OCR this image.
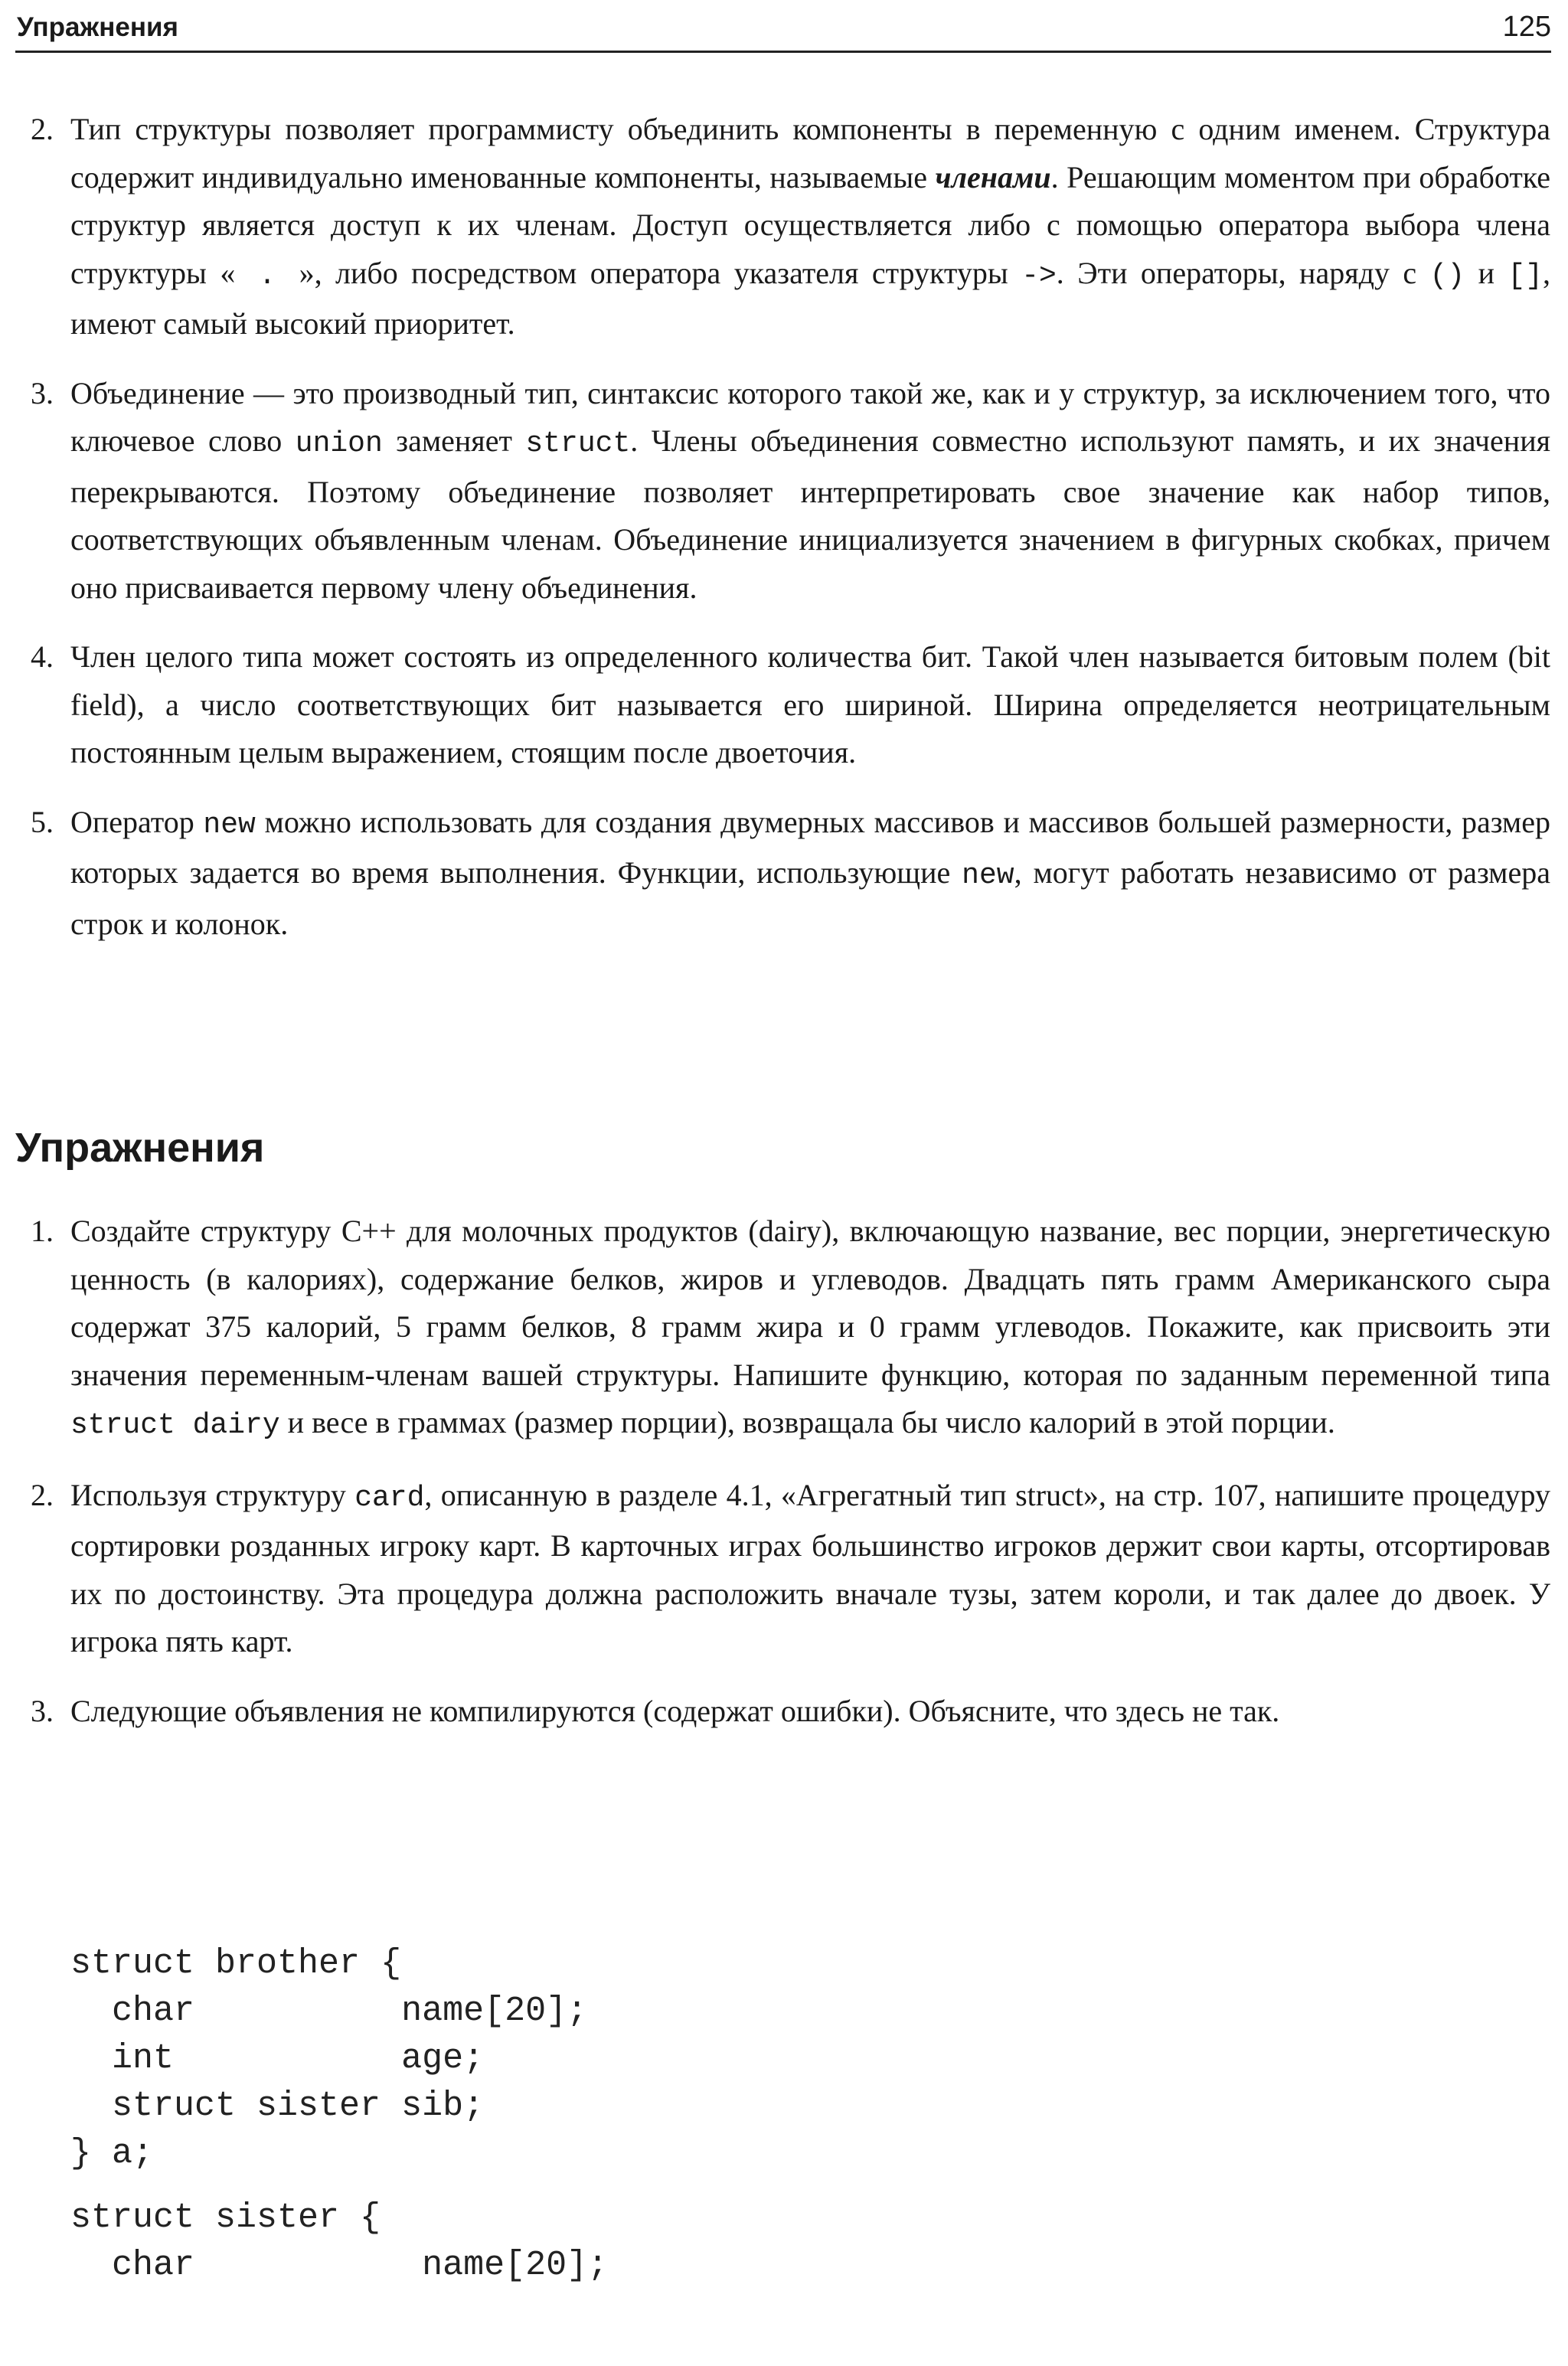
Упражнения	125
2. Тип структуры позволяет программисту объединить компоненты в переменную с одним именем. Структура содержит индивидуально именованные компоненты, называемые членами. Решающим моментом при обработке структур является доступ к их членам. Доступ осуществляется либо с помощью оператора выбора члена структуры « . », либо посредством оператора указателя структуры ->. Эти операторы, наряду с () и [], имеют самый высокий приоритет.
3. Объединение — это производный тип, синтаксис которого такой же, как и у структур, за исключением того, что ключевое слово union заменяет struct. Члены объединения совместно используют память, и их значения перекрываются. Поэтому объединение позволяет интерпретировать свое значение как набор типов, соответствующих объявленным членам. Объединение инициализуется значением в фигурных скобках, причем оно присваивается первому члену объединения.
4. Член целого типа может состоять из определенного количества бит. Такой член называется битовым полем (bit field), а число соответствующих бит называется его шириной. Ширина определяется неотрицательным постоянным целым выражением, стоящим после двоеточия.
5. Оператор new можно использовать для создания двумерных массивов и массивов большей размерности, размер которых задается во время выполнения. Функции, использующие new, могут работать независимо от размера строк и колонок.
Упражнения
1. Создайте структуру C++ для молочных продуктов (dairy), включающую название, вес порции, энергетическую ценность (в калориях), содержание белков, жиров и углеводов. Двадцать пять грамм Американского сыра содержат 375 калорий, 5 грамм белков, 8 грамм жира и 0 грамм углеводов. Покажите, как присвоить эти значения переменным-членам вашей структуры. Напишите функцию, которая по заданным переменной типа struct dairy и весе в граммах (размер порции), возвращала бы число калорий в этой порции.
2. Используя структуру card, описанную в разделе 4.1, «Агрегатный тип struct», на стр. 107, напишите процедуру сортировки розданных игроку карт. В карточных играх большинство игроков держит свои карты, отсортировав их по достоинству. Эта процедура должна расположить вначале тузы, затем короли, и так далее до двоек. У игрока пять карт.
3. Следующие объявления не компилируются (содержат ошибки). Объясните, что здесь не так.
struct brother {
char          name[20];
int           age;
struct sister sib;
} a;
struct sister {
char           name[20];
